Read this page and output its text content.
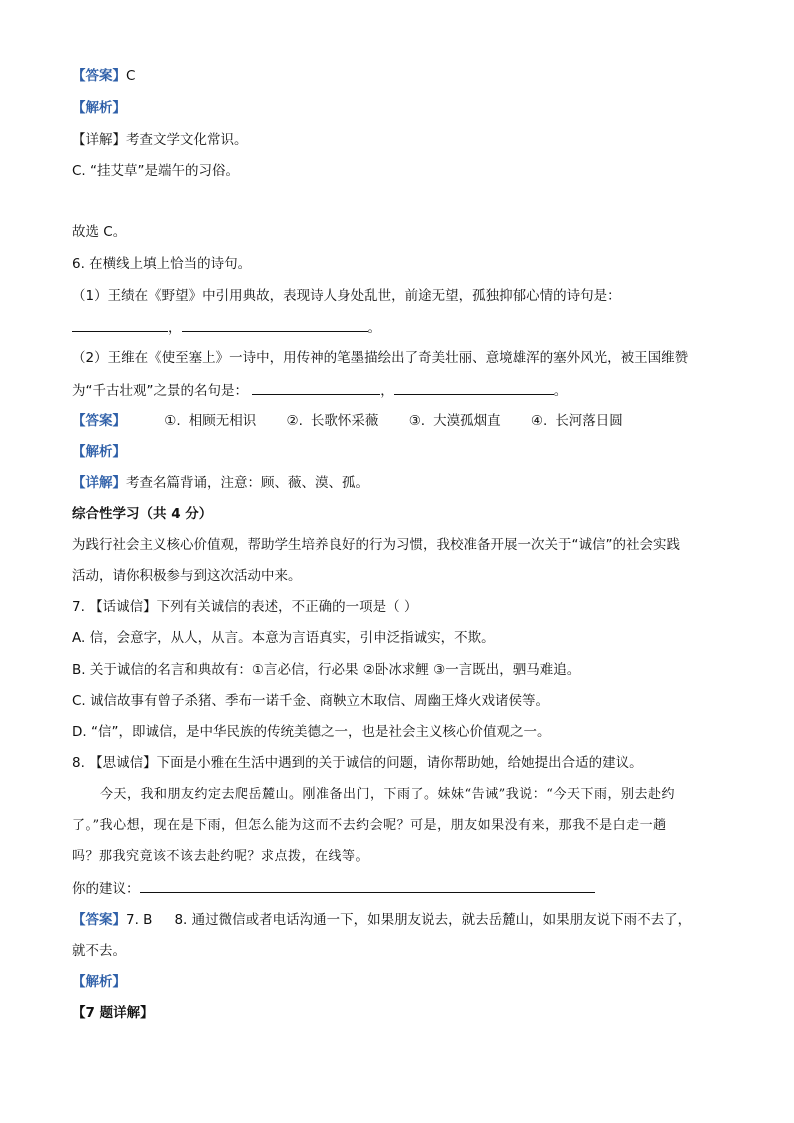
【答案】C
【解析】
【详解】考查文学文化常识。
C. “挂艾草”是端午的习俗。
故选 C。
6. 在横线上填上恰当的诗句。
（1）王绩在《野望》中引用典故，表现诗人身处乱世，前途无望，孤独抑郁心情的诗句是：
，	。
（2）王维在《使至塞上》一诗中，用传神的笔墨描绘出了奇美壮丽、意境雄浑的塞外风光，被王国维赞
为“千古壮观”之景的名句是：	，	。
【答案】	①. 相顾无相识 ②. 长歌怀采薇 ③. 大漠孤烟直 ④. 长河落日圆
【解析】
【详解】考查名篇背诵，注意：顾、薇、漠、孤。
综合性学习（共 4 分）
为践行社会主义核心价值观，帮助学生培养良好的行为习惯，我校准备开展一次关于“诚信”的社会实践
活动，请你积极参与到这次活动中来。
7. 【话诚信】下列有关诚信的表述，不正确的一项是（ ）
A. 信，会意字，从人，从言。本意为言语真实，引申泛指诚实，不欺。
B. 关于诚信的名言和典故有：①言必信，行必果 ②卧冰求鲤 ③一言既出，驷马难追。
C. 诚信故事有曾子杀猪、季布一诺千金、商鞅立木取信、周幽王烽火戏诸侯等。
D. “信”，即诚信，是中华民族的传统美德之一，也是社会主义核心价值观之一。
8. 【思诚信】下面是小雅在生活中遇到的关于诚信的问题，请你帮助她，给她提出合适的建议。
今天，我和朋友约定去爬岳麓山。刚准备出门，下雨了。妹妹“告诫”我说：“今天下雨，别去赴约
了。”我心想，现在是下雨，但怎么能为这而不去约会呢？可是，朋友如果没有来，那我不是白走一趟
吗？那我究竟该不该去赴约呢？求点拨，在线等。
你的建议：
【答案】7. B 8. 通过微信或者电话沟通一下，如果朋友说去，就去岳麓山，如果朋友说下雨不去了，
就不去。
【解析】
【7 题详解】
